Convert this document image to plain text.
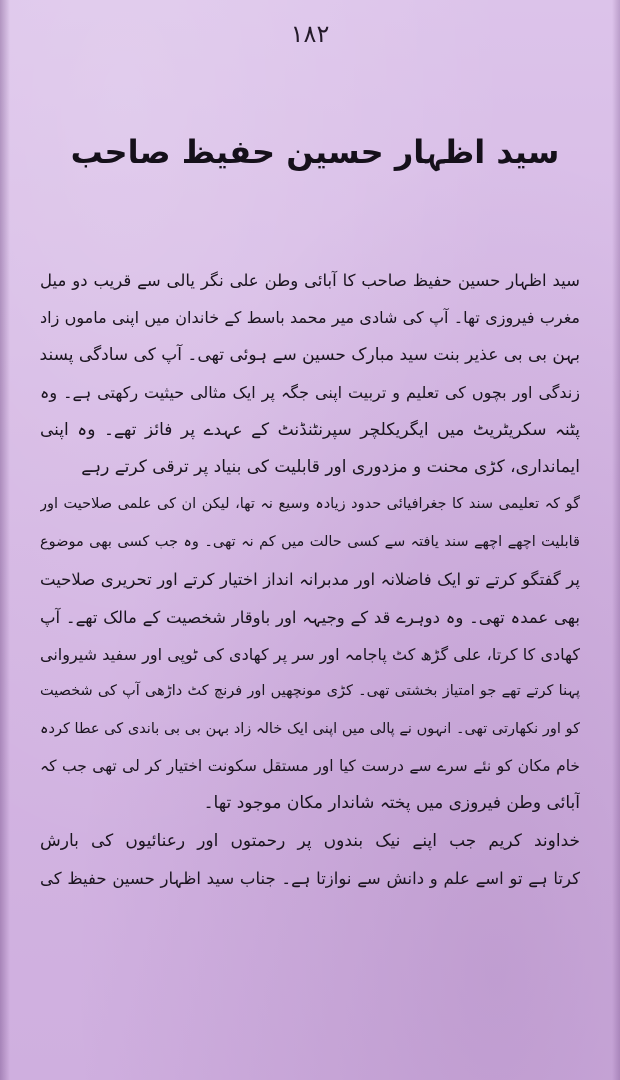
۱۸۲
سید اظہار حسین حفیظ صاحب
سید اظہار حسین حفیظ صاحب کا آبائی وطن علی نگر یالی سے قریب دو میل
مغرب فیروزی تھا۔ آپ کی شادی میر محمد باسط کے خاندان میں اپنی ماموں زاد
بہن بی بی عذیر بنت سید مبارک حسین سے ہوئی تھی۔ آپ کی سادگی پسند
زندگی اور بچوں کی تعلیم و تربیت اپنی جگہ پر ایک مثالی حیثیت رکھتی ہے۔ وہ
پٹنہ سکریٹریٹ میں ایگریکلچر سپرنٹنڈنٹ کے عہدے پر فائز تھے۔ وہ اپنی
ایمانداری، کڑی محنت و مزدوری اور قابلیت کی بنیاد پر ترقی کرتے رہے
گو کہ تعلیمی سند کا جغرافیائی حدود زیادہ وسیع نہ تھا، لیکن ان کی علمی صلاحیت اور
قابلیت اچھے اچھے سند یافتہ سے کسی حالت میں کم نہ تھی۔ وہ جب کسی بھی موضوع
پر گفتگو کرتے تو ایک فاضلانہ اور مدبرانہ انداز اختیار کرتے اور تحریری صلاحیت
بھی عمدہ تھی۔ وہ دوہرے قد کے وجیہہ اور باوقار شخصیت کے مالک تھے۔ آپ
کھادی کا کرتا، علی گڑھ کٹ پاجامہ اور سر پر کھادی کی ٹوپی اور سفید شیروانی
پہنا کرتے تھے جو امتیاز بخشتی تھی۔ کڑی مونچھیں اور فرنچ کٹ داڑھی آپ کی شخصیت
کو اور نکھارتی تھی۔ انہوں نے پالی میں اپنی ایک خالہ زاد بہن بی بی باندی کی عطا کردہ
خام مکان کو نئے سرے سے درست کیا اور مستقل سکونت اختیار کر لی تھی جب کہ
آبائی وطن فیروزی میں پختہ شاندار مکان موجود تھا۔
خداوند کریم جب اپنے نیک بندوں پر رحمتوں اور رعنائیوں کی بارش
کرتا ہے تو اسے علم و دانش سے نوازتا ہے۔ جناب سید اظہار حسین حفیظ کی
